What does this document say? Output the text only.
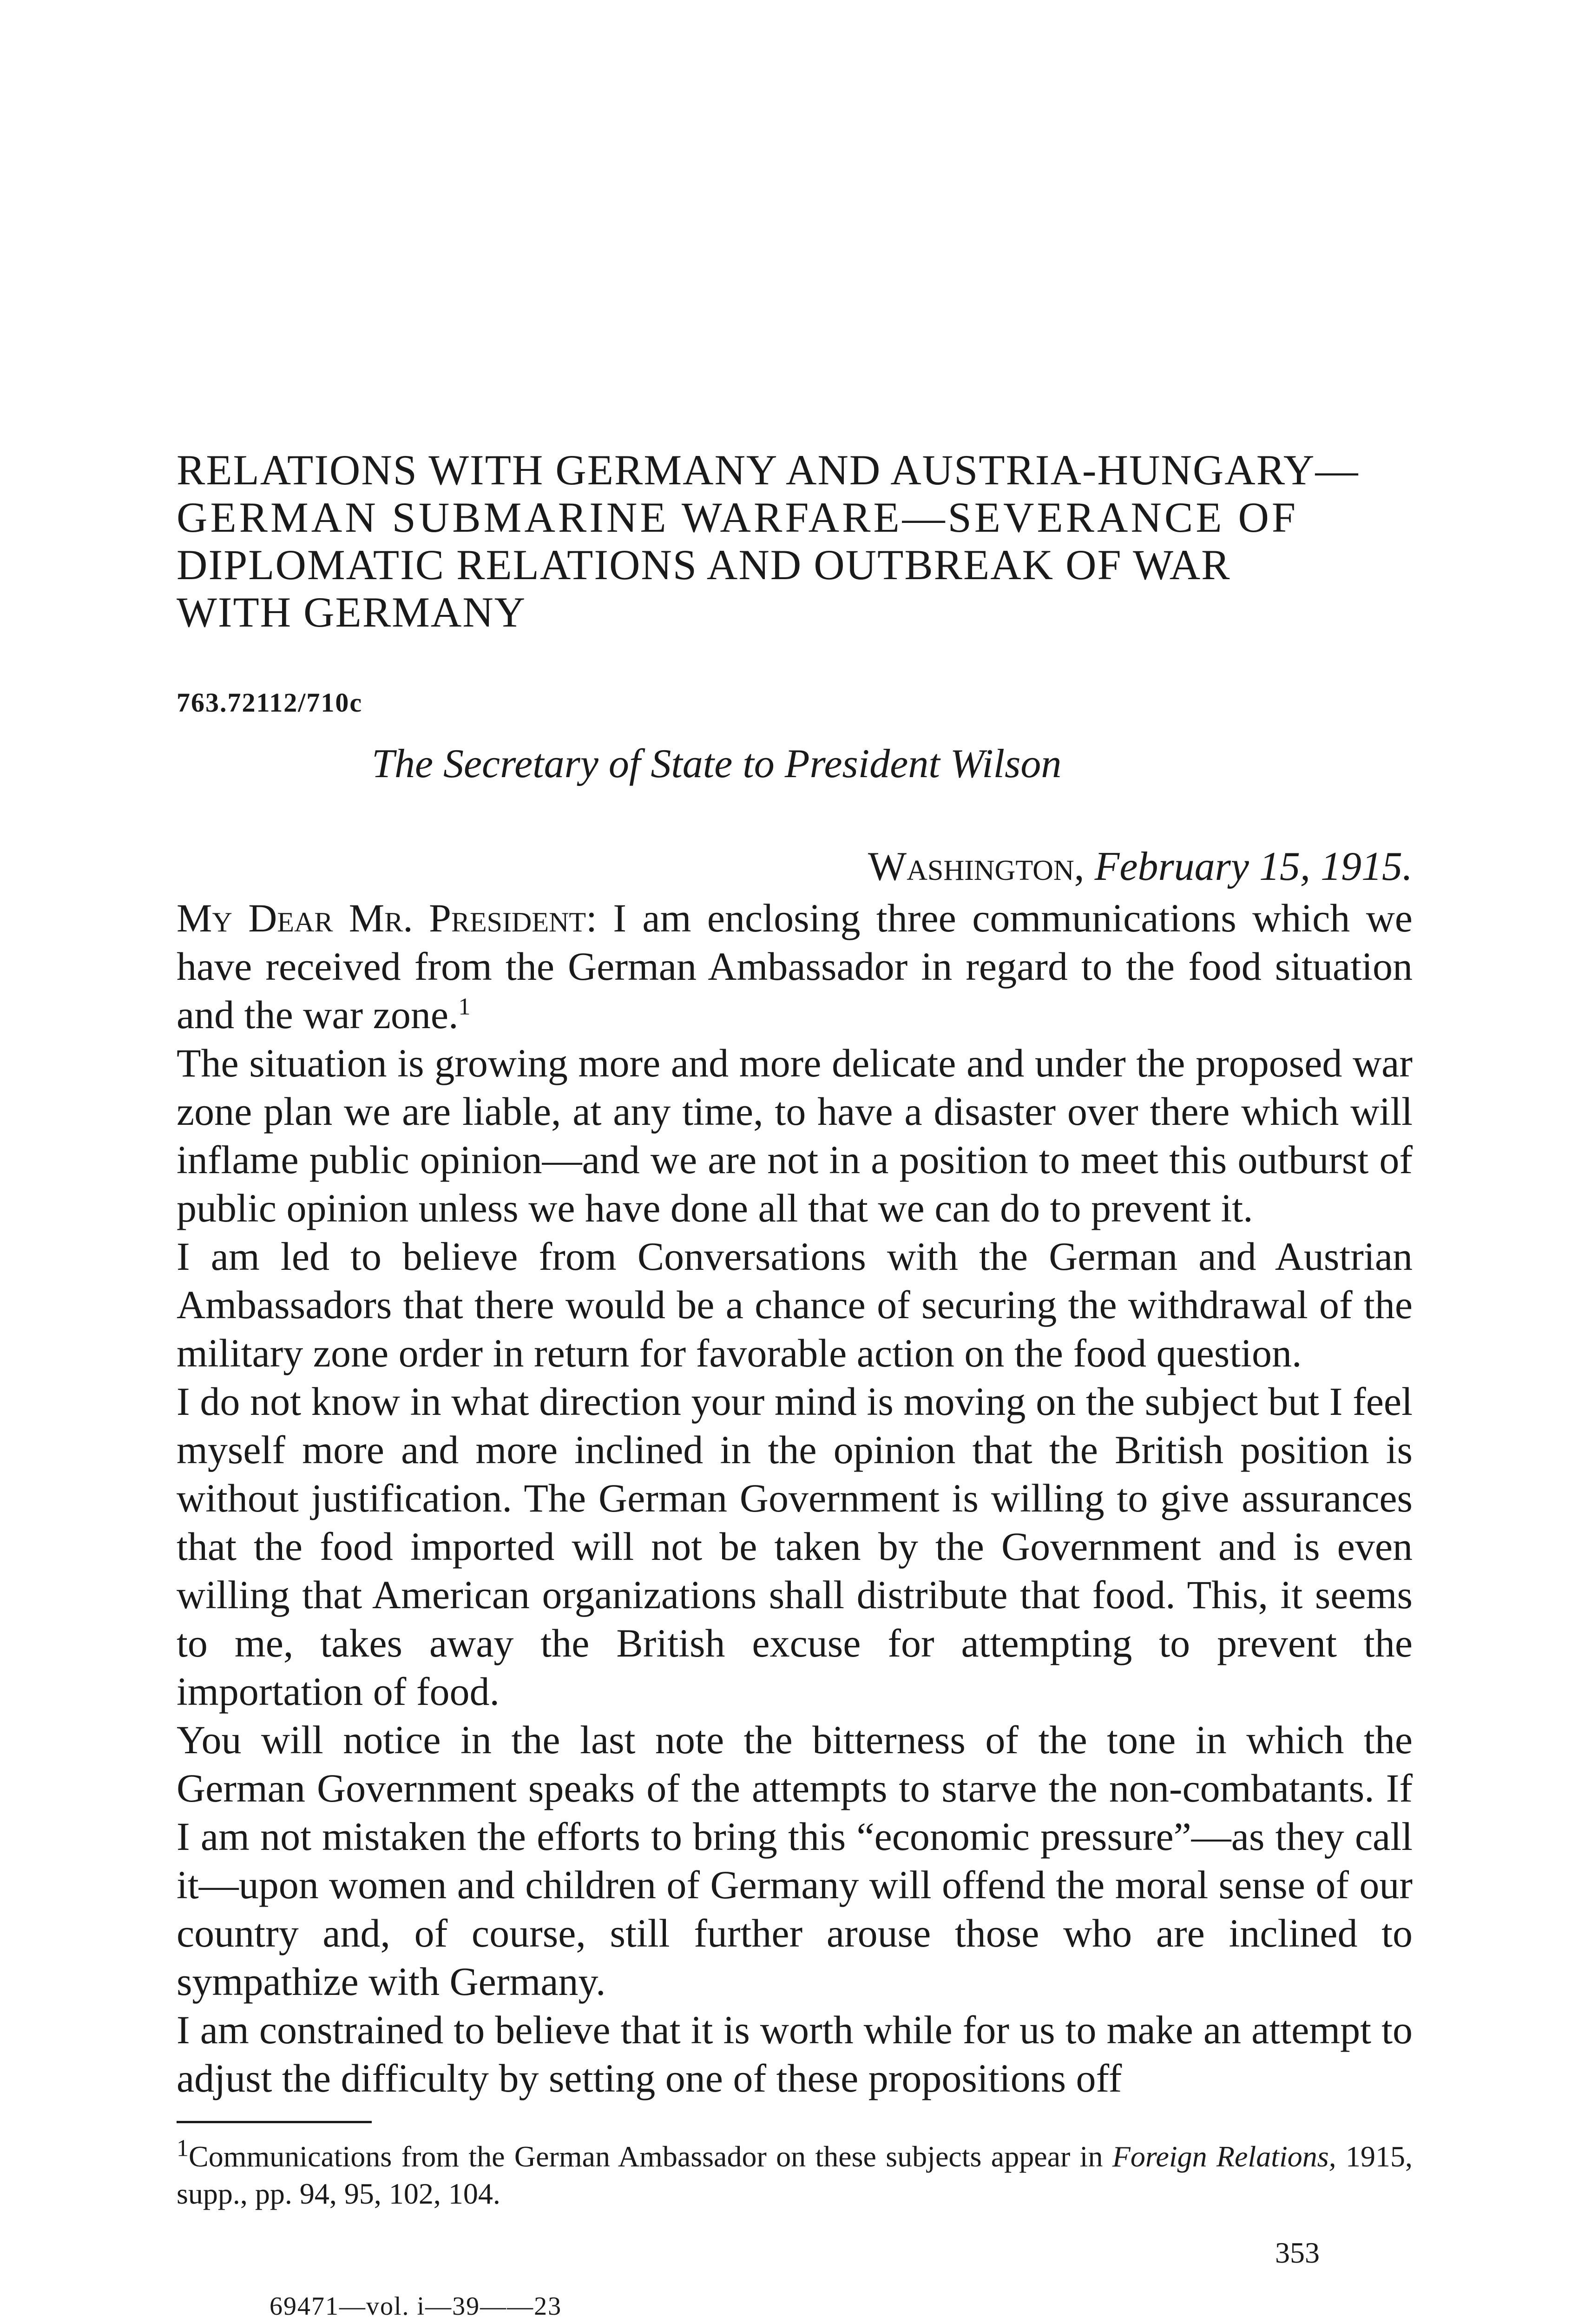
RELATIONS WITH GERMANY AND AUSTRIA-HUNGARY—
GERMAN SUBMARINE WARFARE—SEVERANCE OF
DIPLOMATIC RELATIONS AND OUTBREAK OF WAR
WITH GERMANY
763.72112/710c
The Secretary of State to President Wilson
Washington, February 15, 1915.

My Dear Mr. President: I am enclosing three communications which we have received from the German Ambassador in regard to the food situation and the war zone.$^1$

The situation is growing more and more delicate and under the proposed war zone plan we are liable, at any time, to have a disaster over there which will inflame public opinion—and we are not in a position to meet this outburst of public opinion unless we have done all that we can do to prevent it.

I am led to believe from Conversations with the German and Austrian Ambassadors that there would be a chance of securing the withdrawal of the military zone order in return for favorable action on the food question.

I do not know in what direction your mind is moving on the subject but I feel myself more and more inclined in the opinion that the British position is without justification. The German Government is willing to give assurances that the food imported will not be taken by the Government and is even willing that American organizations shall distribute that food. This, it seems to me, takes away the British excuse for attempting to prevent the importation of food.

You will notice in the last note the bitterness of the tone in which the German Government speaks of the attempts to starve the non-combatants. If I am not mistaken the efforts to bring this “economic pressure”—as they call it—upon women and children of Germany will offend the moral sense of our country and, of course, still further arouse those who are inclined to sympathize with Germany.

I am constrained to believe that it is worth while for us to make an attempt to adjust the difficulty by setting one of these propositions off

$^1$Communications from the German Ambassador on these subjects appear in Foreign Relations, 1915, supp., pp. 94, 95, 102, 104.
353
69471—vol. i—39——23
